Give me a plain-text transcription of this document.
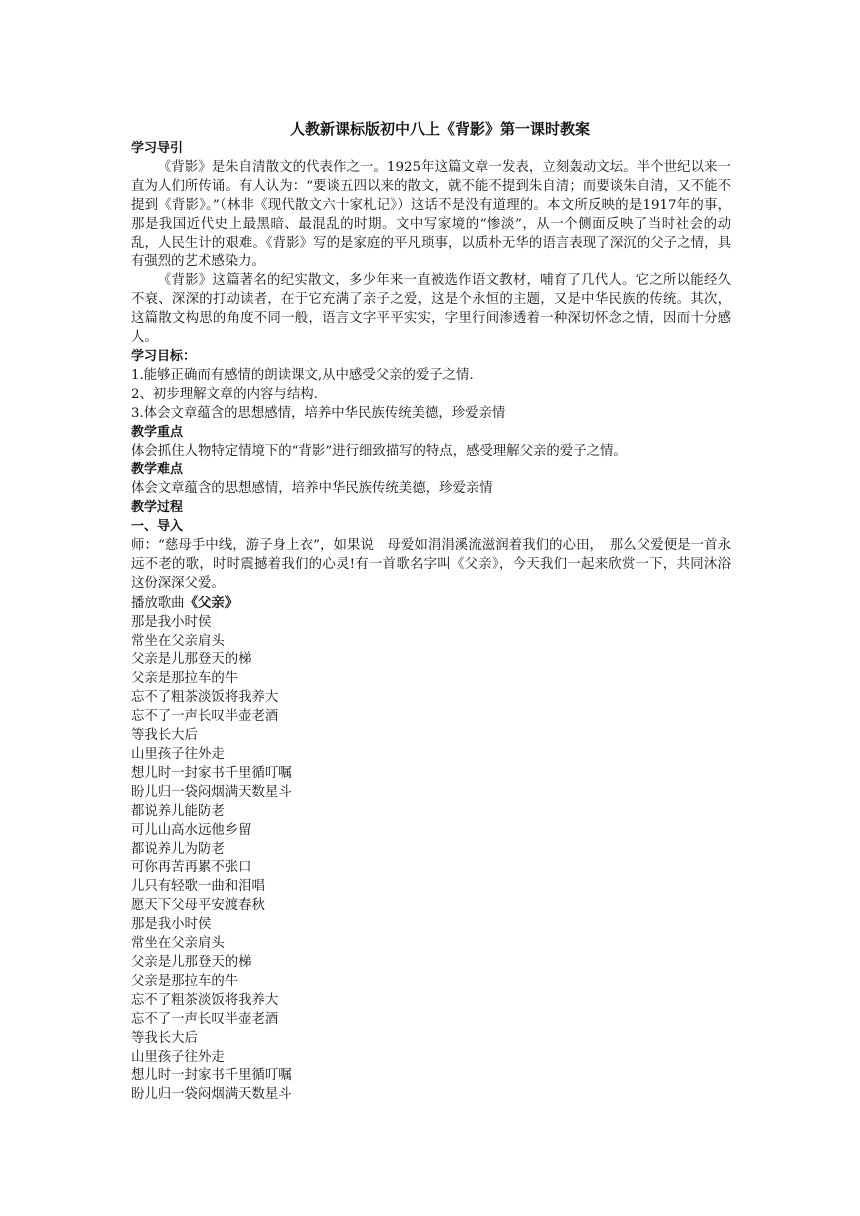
人教新课标版初中八上《背影》第一课时教案
学习导引
《背影》是朱自清散文的代表作之一。1925年这篇文章一发表，立刻轰动文坛。半个世纪以来一直为人们所传诵。有人认为：“要谈五四以来的散文，就不能不提到朱自清；而要谈朱自清，又不能不提到《背影》。”（林非《现代散文六十家札记》）这话不是没有道理的。本文所反映的是1917年的事，那是我国近代史上最黑暗、最混乱的时期。文中写家境的“惨淡”，从一个侧面反映了当时社会的动乱，人民生计的艰难。《背影》写的是家庭的平凡琐事，以质朴无华的语言表现了深沉的父子之情，具有强烈的艺术感染力。
《背影》这篇著名的纪实散文，多少年来一直被选作语文教材，哺育了几代人。它之所以能经久不衰、深深的打动读者，在于它充满了亲子之爱，这是个永恒的主题，又是中华民族的传统。其次，这篇散文构思的角度不同一般，语言文字平平实实，字里行间渗透着一种深切怀念之情，因而十分感人。
学习目标：
1.能够正确而有感情的朗读课文,从中感受父亲的爱子之情.
2、初步理解文章的内容与结构.
3.体会文章蕴含的思想感情，培养中华民族传统美德，珍爱亲情
教学重点
体会抓住人物特定情境下的“背影”进行细致描写的特点，感受理解父亲的爱子之情。
教学难点
体会文章蕴含的思想感情，培养中华民族传统美德，珍爱亲情
教学过程
一、导入
师：“慈母手中线，游子身上衣”，如果说　母爱如涓涓溪流滋润着我们的心田，　那么父爱便是一首永远不老的歌，时时震撼着我们的心灵!有一首歌名字叫《父亲》，今天我们一起来欣赏一下，共同沐浴这份深深父爱。
播放歌曲《父亲》
那是我小时侯
常坐在父亲肩头
父亲是儿那登天的梯
父亲是那拉车的牛
忘不了粗茶淡饭将我养大
忘不了一声长叹半壶老酒
等我长大后
山里孩子往外走
想儿时一封家书千里循叮嘱
盼儿归一袋闷烟满天数星斗
都说养儿能防老
可儿山高水远他乡留
都说养儿为防老
可你再苦再累不张口
儿只有轻歌一曲和泪唱
愿天下父母平安渡春秋
那是我小时侯
常坐在父亲肩头
父亲是儿那登天的梯
父亲是那拉车的牛
忘不了粗茶淡饭将我养大
忘不了一声长叹半壶老酒
等我长大后
山里孩子往外走
想儿时一封家书千里循叮嘱
盼儿归一袋闷烟满天数星斗
